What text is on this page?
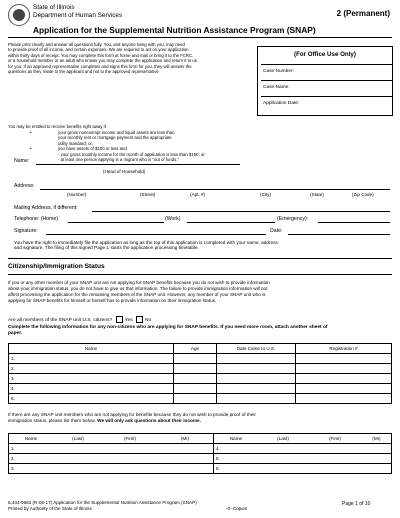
State of Illinois
Department of Human Services
Application for the Supplemental Nutrition Assistance Program (SNAP)
2 (Permanent)
Please print clearly and answer all questions fully. You, and anyone living with you, may need
to provide proof of all income, and certain expenses. We are required to act on your application
within thirty days of receipt. You may complete this form at home and mail or bring it to the FCRC,
or a household member or an adult who knows you may complete the application and return it to us
for you. If an approved representative completes and signs this form for you, they will answer the
questions as they relate to the applicant and not to the approved representative
You may be entitled to receive benefits right away if
•	your gross nonexempt income and liquid assets are less than
your monthly rent or mortgage payment and the appropriate
utility standard; or,
•	you have assets of $100 or less and
- your gross monthly income for the month of application is less than $150; or
- at least one person applying is a migrant who is "out of funds."
(For Office Use Only)
Case Number:
Case Name:
Application Date:
Name:
(Head of Household)
Address:
(Number)	(Street)	(Apt. #)	(City)	(State)	(Zip Code)
Mailing Address, if different:
Telephone: (Home)	(Work)	(Emergency):
Signature:	Date:
You have the right to immediately file the application as long as the top of this application is completed with your name, address
and signature. The filing of this signed Page 1 starts the application processing timetable.
Citizenship/Immigration Status
If you or any other member of your SNAP unit are not applying for SNAP benefits because you do not wish to provide information
about your immigration status, you do not have to give us that information. The failure to provide immigration information will not
affect processing the application for the remaining members of the SNAP unit. However, any member of your SNAP unit who is
applying for SNAP benefits for himself or herself has to provide information on their immigration status.
Are all members of the SNAP unit U.S. citizens?	Yes	No
Complete the following information for any non-citizens who are applying for SNAP benefits. If you need more room, attach another sheet of
paper.
Name	Age	Date Came to U.S.	Registration #
1.			
2.			
3.			
4.			
5.			
If there are any SNAP unit members who are not applying for benefits because they do not wish to provide proof of their
immigration status, please list them below. We will only ask questions about their income.
Name	(Last)	(First)	(MI)	Name	(Last)	(First)	(MI)
1.				4.			
2.				5.			
3.				6.			
IL444-0683 (R-06-17) Application for the Supplemental Nutrition Assistance Program (SNAP)
Printed by Authority of the State of Illinois	-0- Copies
Page 1 of 10
